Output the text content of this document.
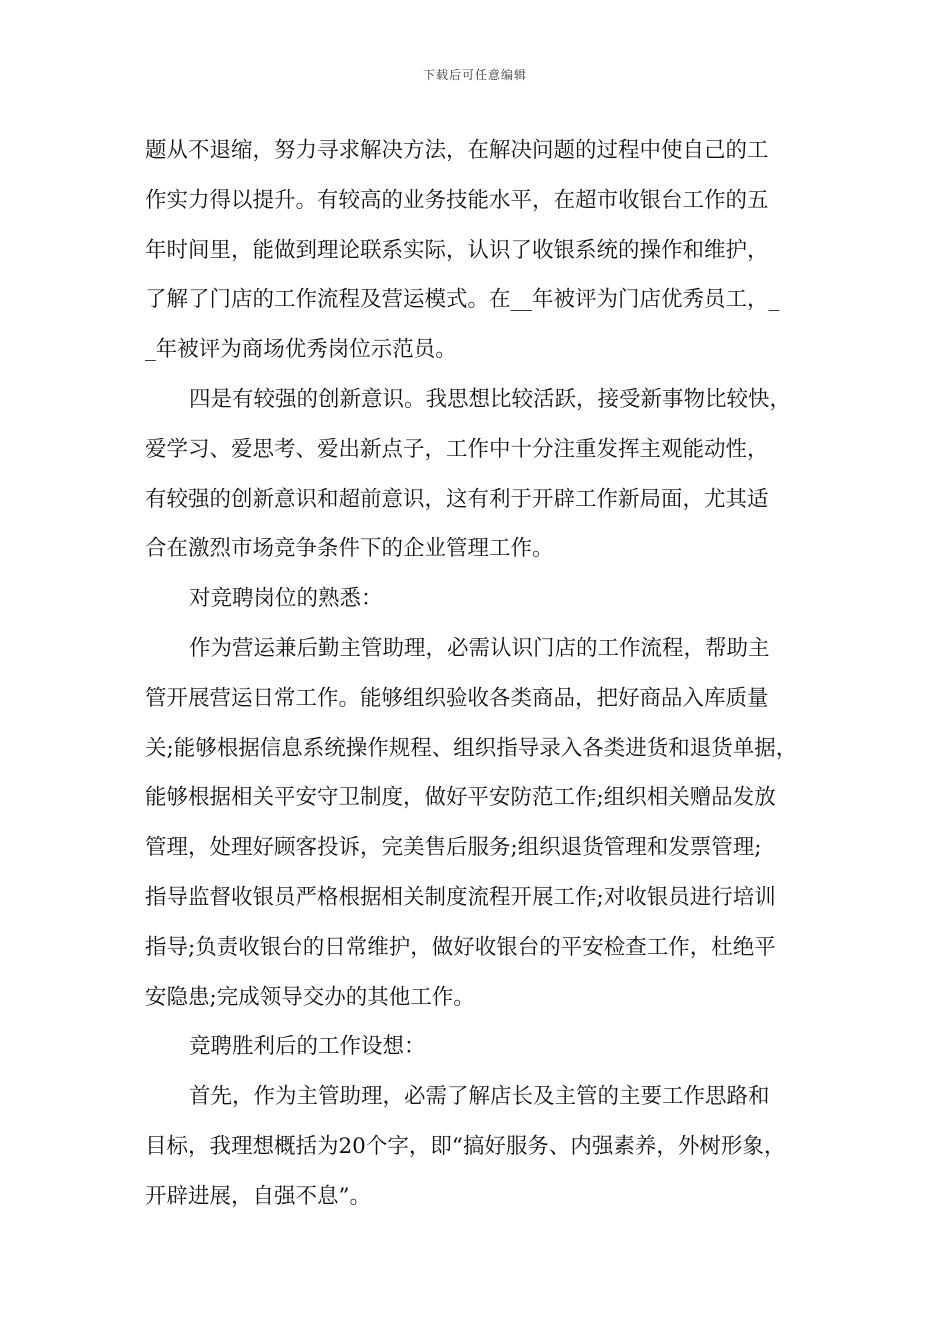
下载后可任意编辑
题从不退缩，努力寻求解决方法，在解决问题的过程中使自己的工
作实力得以提升。有较高的业务技能水平，在超市收银台工作的五
年时间里，能做到理论联系实际，认识了收银系统的操作和维护，
了解了门店的工作流程及营运模式。在__年被评为门店优秀员工，_
_年被评为商场优秀岗位示范员。
四是有较强的创新意识。我思想比较活跃，接受新事物比较快，
爱学习、爱思考、爱出新点子，工作中十分注重发挥主观能动性，
有较强的创新意识和超前意识，这有利于开辟工作新局面，尤其适
合在激烈市场竞争条件下的企业管理工作。
对竞聘岗位的熟悉：
作为营运兼后勤主管助理，必需认识门店的工作流程，帮助主
管开展营运日常工作。能够组织验收各类商品，把好商品入库质量
关;能够根据信息系统操作规程、组织指导录入各类进货和退货单据，
能够根据相关平安守卫制度，做好平安防范工作;组织相关赠品发放
管理，处理好顾客投诉，完美售后服务;组织退货管理和发票管理;
指导监督收银员严格根据相关制度流程开展工作;对收银员进行培训
指导;负责收银台的日常维护，做好收银台的平安检查工作，杜绝平
安隐患;完成领导交办的其他工作。
竞聘胜利后的工作设想：
首先，作为主管助理，必需了解店长及主管的主要工作思路和
目标，我理想概括为20个字，即“搞好服务、内强素养，外树形象，
开辟进展，自强不息”。
